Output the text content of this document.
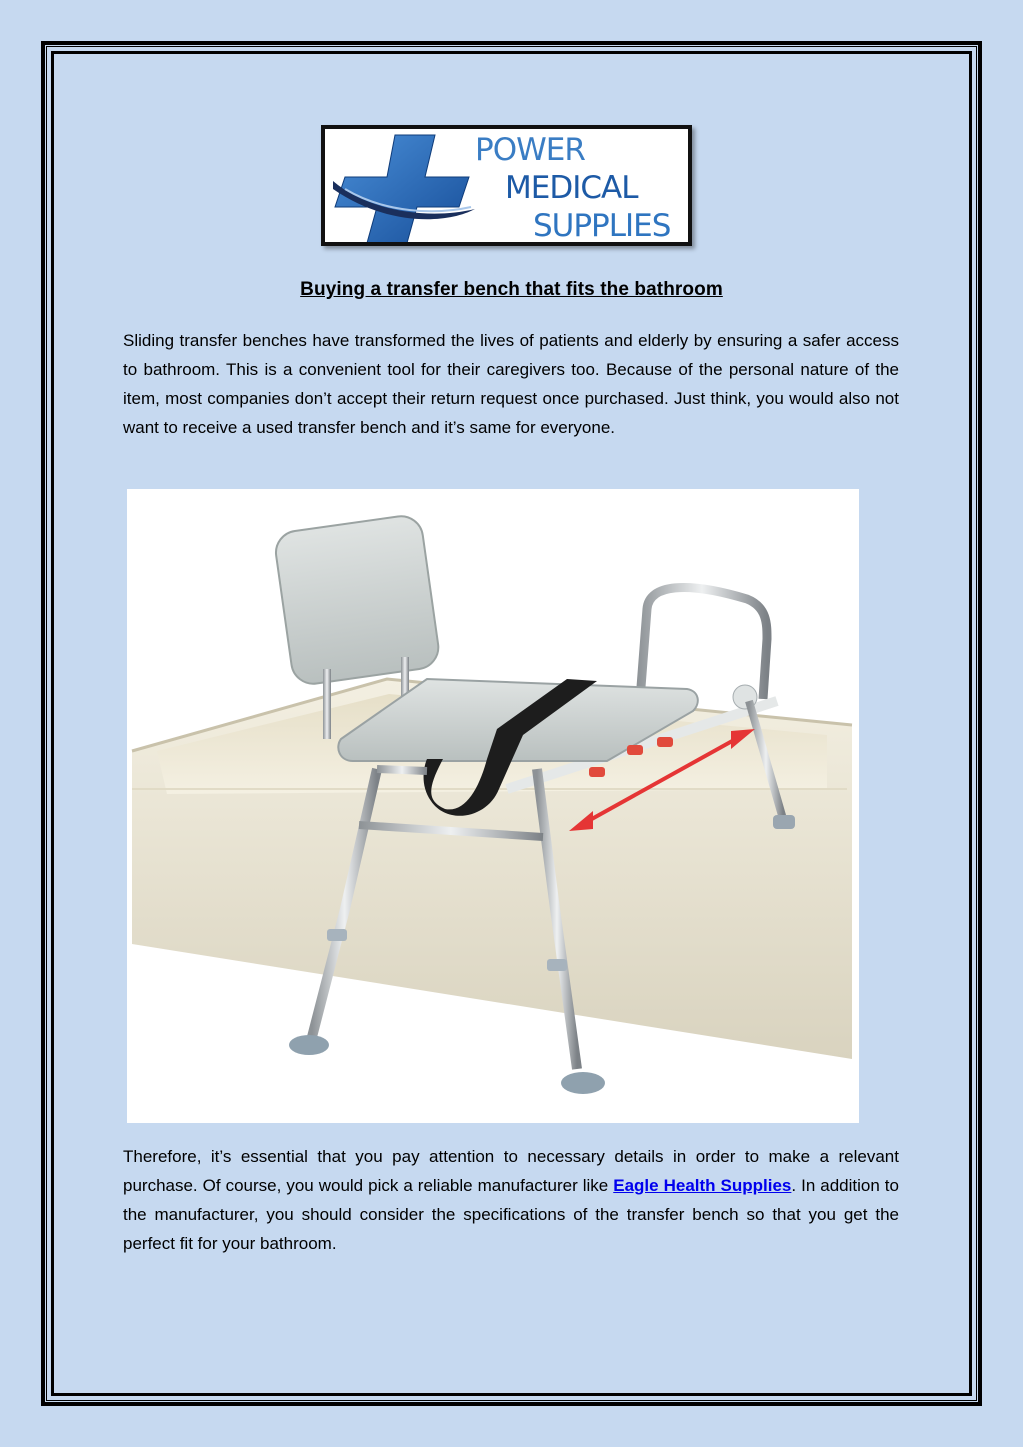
POWER
MEDICAL
SUPPLIES
Buying a transfer bench that fits the bathroom

Sliding transfer benches have transformed the lives of patients and elderly by ensuring a safer access to bathroom. This is a convenient tool for their caregivers too. Because of the personal nature of the item, most companies don’t accept their return request once purchased. Just think, you would also not want to receive a used transfer bench and it’s same for everyone.

Therefore, it’s essential that you pay attention to necessary details in order to make a relevant purchase. Of course, you would pick a reliable manufacturer like Eagle Health Supplies. In addition to the manufacturer, you should consider the specifications of the transfer bench so that you get the perfect fit for your bathroom.
